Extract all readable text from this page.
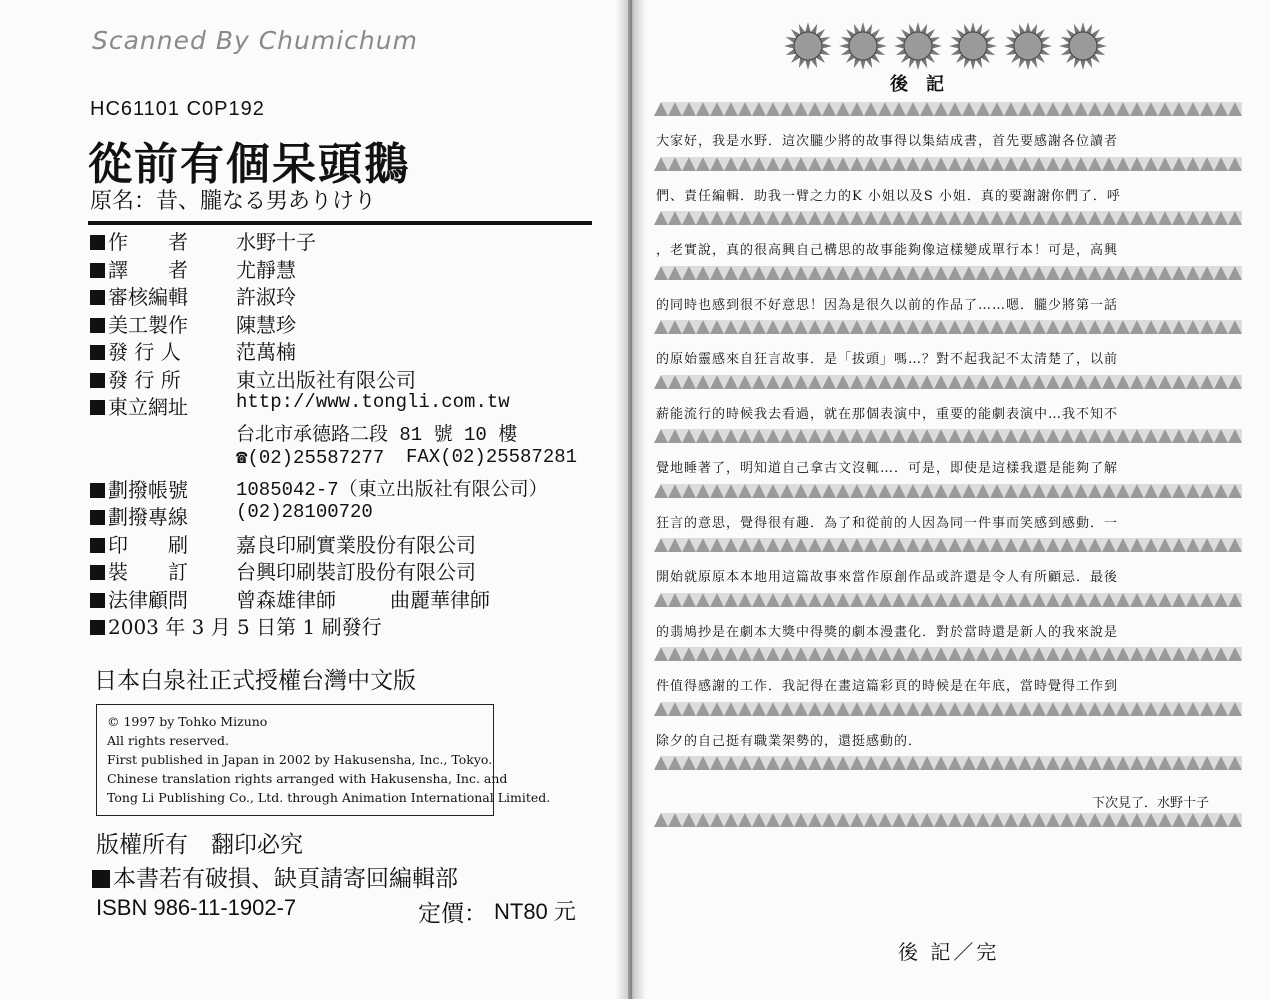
Scanned By Chumichum
HC61101 C0P192
從前有個呆頭鵝
原名：昔、朧なる男ありけり
作　　者 水野十子
譯　　者 尤靜慧
審核編輯 許淑玲
美工製作 陳慧珍
發 行 人	范萬楠
發 行 所	東立出版社有限公司
東立網址	http://www.tongli.com.tw
台北市承德路二段 81 號 10 樓
☎(02)25587277 FAX(02)25587281
劃撥帳號	1085042-7（東立出版社有限公司）
劃撥專線	(02)28100720
印　　刷 嘉良印刷實業股份有限公司
裝　　訂 台興印刷裝訂股份有限公司
法律顧問 曾森雄律師	曲麗華律師
2003 年 3 月 5 日第 1 刷發行
日本白泉社正式授權台灣中文版
© 1997 by Tohko Mizuno
All rights reserved.
First published in Japan in 2002 by Hakusensha, Inc., Tokyo.
Chinese translation rights arranged with Hakusensha, Inc. and
Tong Li Publishing Co., Ltd. through Animation International Limited.
版權所有　翻印必究
本書若有破損、缺頁請寄回編輯部
ISBN 986-11-1902-7	定價： NT80 元
後記
大家好，我是水野．這次朧少將的故事得以集結成書，首先要感謝各位讀者
們、責任編輯．助我一臂之力的K 小姐以及S 小姐．真的要謝謝你們了．呼
，老實說，真的很高興自己構思的故事能夠像這樣變成單行本！可是，高興
的同時也感到很不好意思！因為是很久以前的作品了……嗯．朧少將第一話
的原始靈感來自狂言故事．是「拔頭」嗎…？對不起我記不太清楚了，以前
薪能流行的時候我去看過，就在那個表演中，重要的能劇表演中…我不知不
覺地睡著了，明知道自己拿古文沒輒…．可是，即使是這樣我還是能夠了解
狂言的意思，覺得很有趣．為了和從前的人因為同一件事而笑感到感動．一
開始就原原本本地用這篇故事來當作原創作品或許還是令人有所顧忌．最後
的翡鳩抄是在劇本大獎中得獎的劇本漫畫化．對於當時還是新人的我來說是
件值得感謝的工作．我記得在畫這篇彩頁的時候是在年底，當時覺得工作到
除夕的自己挺有職業架勢的，還挺感動的．
下次見了．水野十子
後 記／完
